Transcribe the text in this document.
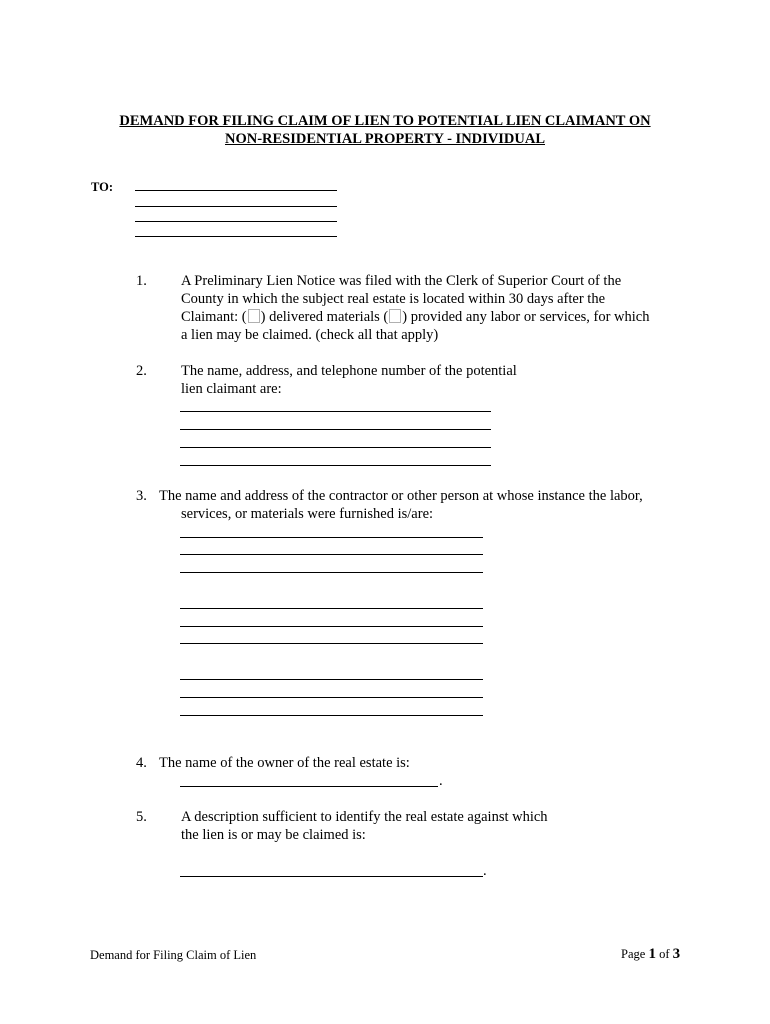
DEMAND FOR FILING CLAIM OF LIEN TO POTENTIAL LIEN CLAIMANT ON
NON-RESIDENTIAL PROPERTY - INDIVIDUAL
TO:
1. A Preliminary Lien Notice was filed with the Clerk of Superior Court of the
County in which the subject real estate is located within 30 days after the
Claimant: ( ) delivered materials ( ) provided any labor or services, for which
a lien may be claimed. (check all that apply)
2. The name, address, and telephone number of the potential
lien claimant are:
3. The name and address of the contractor or other person at whose instance the labor,
services, or materials were furnished is/are:
4. The name of the owner of the real estate is:
.
5. A description sufficient to identify the real estate against which
the lien is or may be claimed is:
.
Demand for Filing Claim of Lien	Page 1 of 3
